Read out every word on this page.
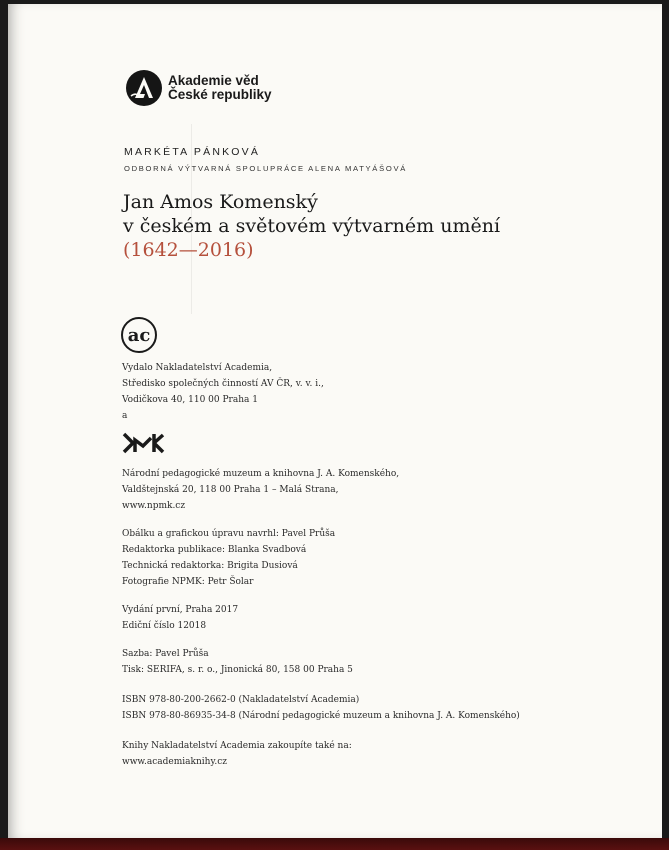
Akademie věd
České republiky
MARKÉTA PÁNKOVÁ
ODBORNÁ VÝTVARNÁ SPOLUPRÁCE ALENA MATYÁŠOVÁ
Jan Amos Komenský
v českém a světovém výtvarném umění
(1642—2016)
ac
Vydalo Nakladatelství Academia,
Středisko společných činností AV ČR, v. v. i.,
Vodičkova 40, 110 00 Praha 1
a
Národní pedagogické muzeum a knihovna J. A. Komenského,
Valdštejnská 20, 118 00 Praha 1 – Malá Strana,
www.npmk.cz
Obálku a grafickou úpravu navrhl: Pavel Průša
Redaktorka publikace: Blanka Svadbová
Technická redaktorka: Brigita Dusiová
Fotografie NPMK: Petr Šolar
Vydání první, Praha 2017
Ediční číslo 12018
Sazba: Pavel Průša
Tisk: SERIFA, s. r. o., Jinonická 80, 158 00 Praha 5
ISBN 978-80-200-2662-0 (Nakladatelství Academia)
ISBN 978-80-86935-34-8 (Národní pedagogické muzeum a knihovna J. A. Komenského)
Knihy Nakladatelství Academia zakoupíte také na:
www.academiaknihy.cz
